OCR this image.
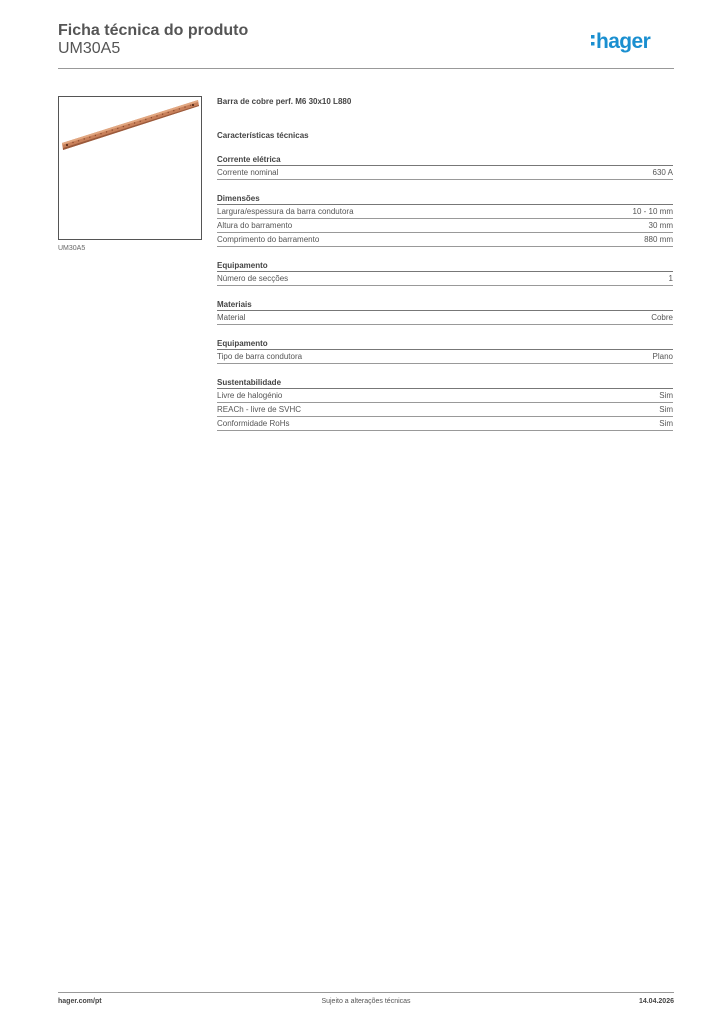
Ficha técnica do produto
UM30A5	hager
UM30A5
Barra de cobre perf. M6 30x10 L880
Características técnicas
Corrente elétrica
Corrente nominal	630 A
Dimensões
Largura/espessura da barra condutora	10 - 10 mm
Altura do barramento	30 mm
Comprimento do barramento	880 mm
Equipamento
Número de secções	1
Materiais
Material	Cobre
Equipamento
Tipo de barra condutora	Plano
Sustentabilidade
Livre de halogénio	Sim
REACh - livre de SVHC	Sim
Conformidade RoHs	Sim
hager.com/pt	Sujeito a alterações técnicas	14.04.2026
